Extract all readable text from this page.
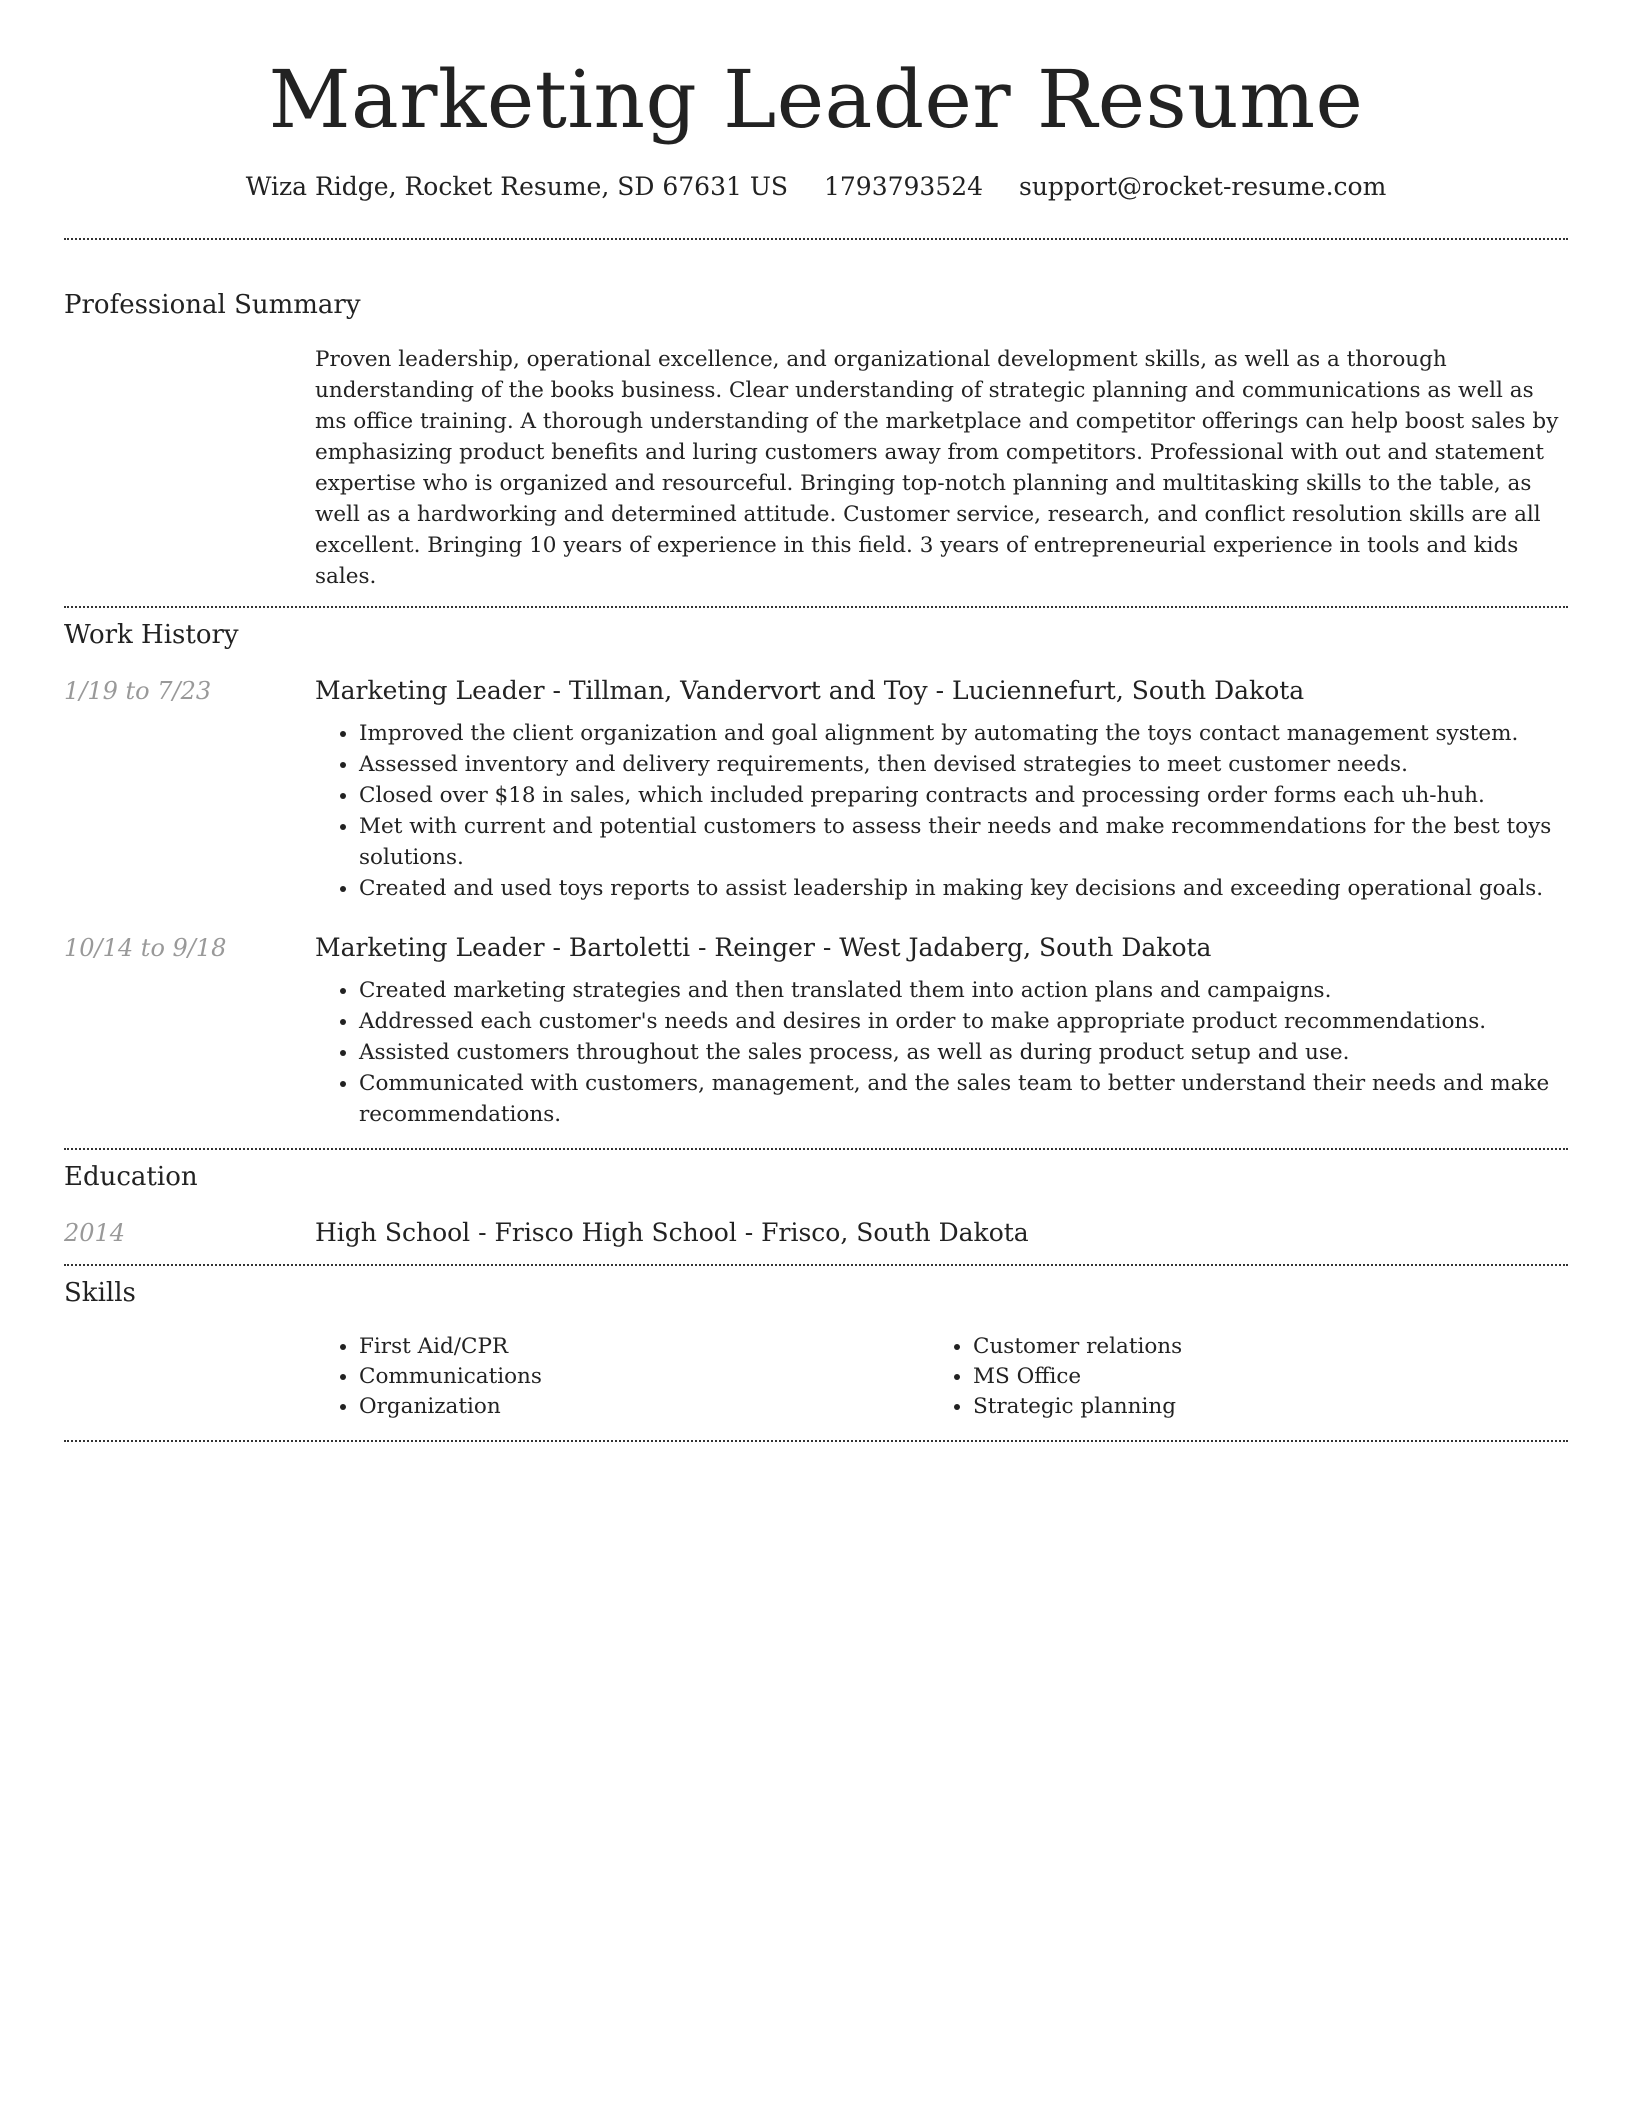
Marketing Leader Resume
Wiza Ridge, Rocket Resume, SD 67631 US 1793793524 support@rocket-resume.com
Professional Summary

Proven leadership, operational excellence, and organizational development skills, as well as a thorough understanding of the books business. Clear understanding of strategic planning and communications as well as ms office training. A thorough understanding of the marketplace and competitor offerings can help boost sales by emphasizing product benefits and luring customers away from competitors. Professional with out and statement expertise who is organized and resourceful. Bringing top-notch planning and multitasking skills to the table, as well as a hardworking and determined attitude. Customer service, research, and conflict resolution skills are all excellent. Bringing 10 years of experience in this field. 3 years of entrepreneurial experience in tools and kids sales.

Work History
1/19 to 7/23	Marketing Leader - Tillman, Vandervort and Toy - Luciennefurt, South Dakota
• Improved the client organization and goal alignment by automating the toys contact management system.
• Assessed inventory and delivery requirements, then devised strategies to meet customer needs.
• Closed over $18 in sales, which included preparing contracts and processing order forms each uh-huh.
• Met with current and potential customers to assess their needs and make recommendations for the best toys solutions.
• Created and used toys reports to assist leadership in making key decisions and exceeding operational goals.
10/14 to 9/18	Marketing Leader - Bartoletti - Reinger - West Jadaberg, South Dakota
• Created marketing strategies and then translated them into action plans and campaigns.
• Addressed each customer's needs and desires in order to make appropriate product recommendations.
• Assisted customers throughout the sales process, as well as during product setup and use.
• Communicated with customers, management, and the sales team to better understand their needs and make recommendations.
Education
2014	High School - Frisco High School - Frisco, South Dakota
Skills
• First Aid/CPR
• Communications
• Organization
• Customer relations
• MS Office
• Strategic planning
